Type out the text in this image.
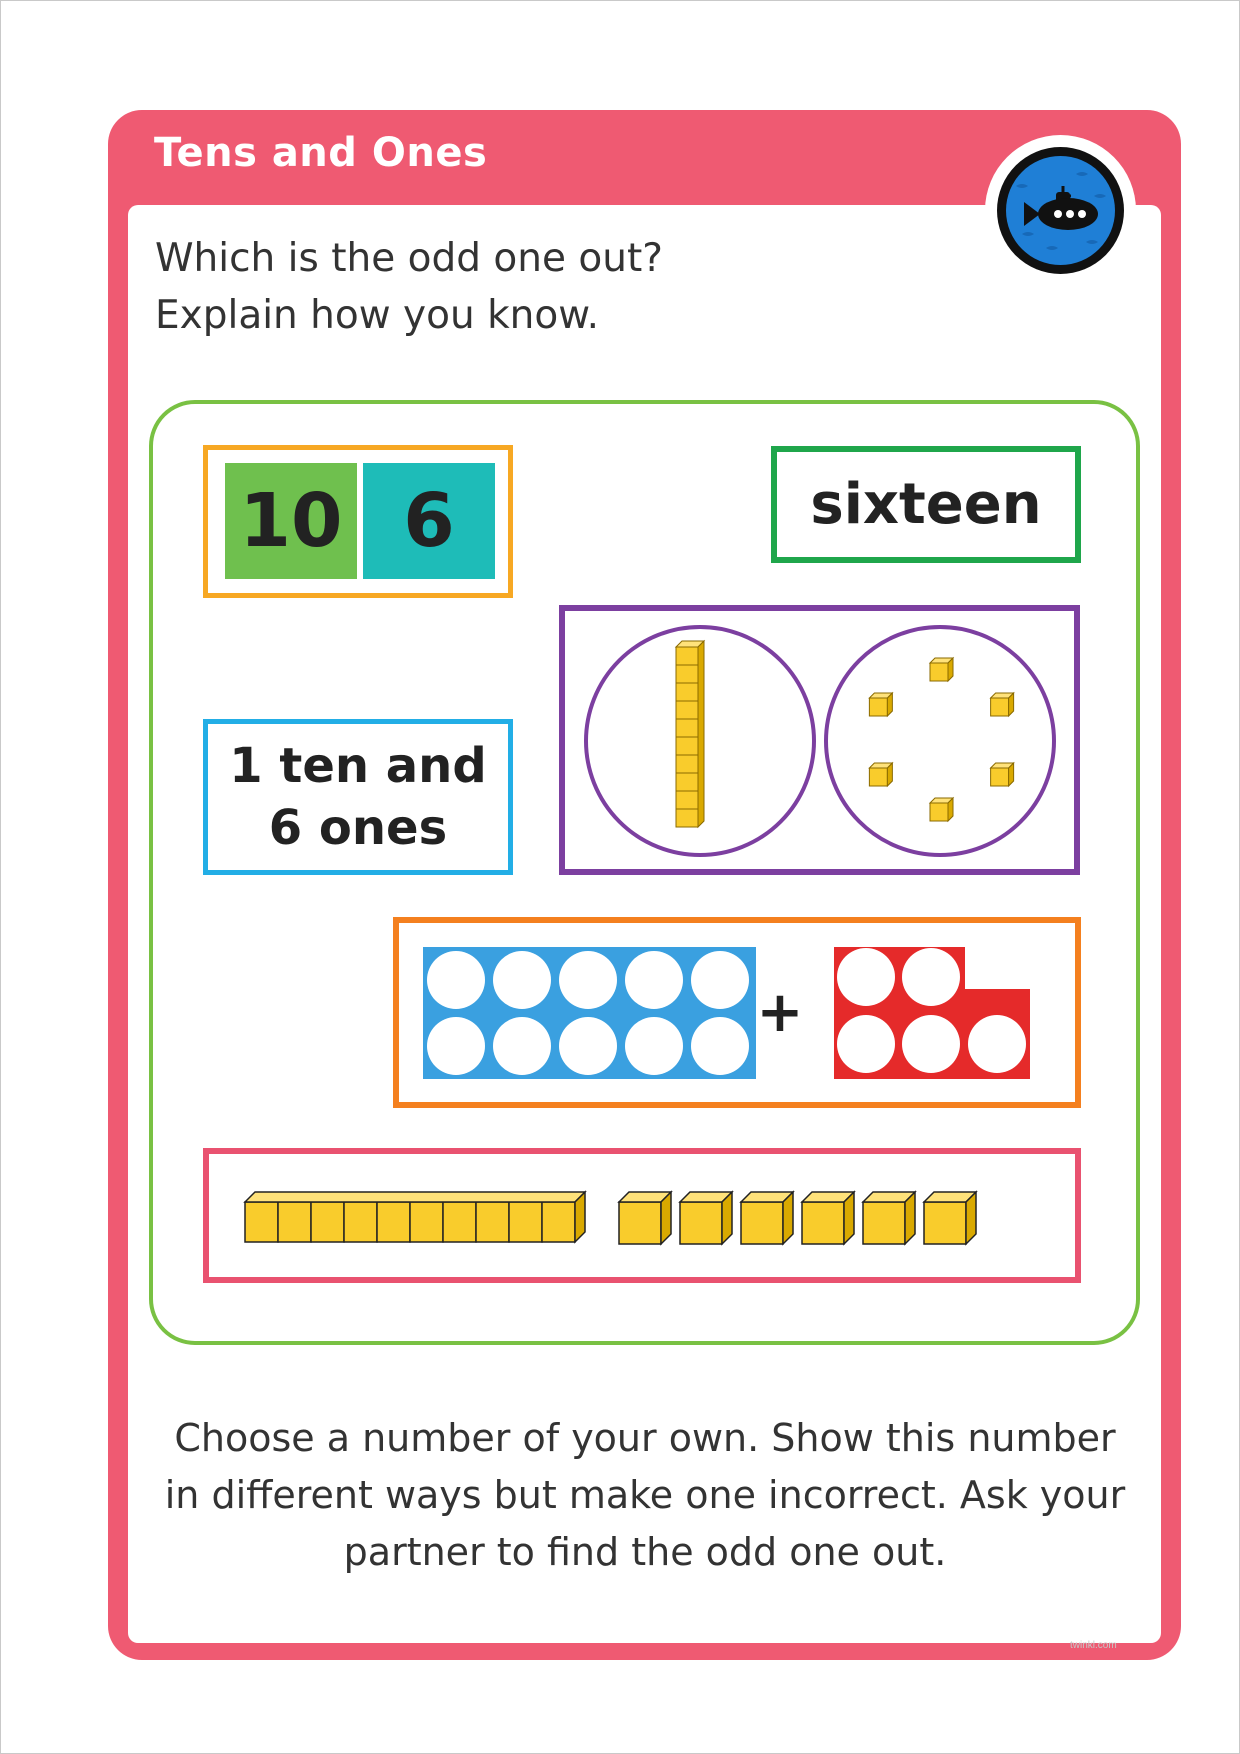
Tens and Ones
Which is the odd one out?
Explain how you know.
10 6	sixteen
1 ten and
6 ones
+
Choose a number of your own. Show this number
in different ways but make one incorrect. Ask your
partner to find the odd one out.
twinkl.com
